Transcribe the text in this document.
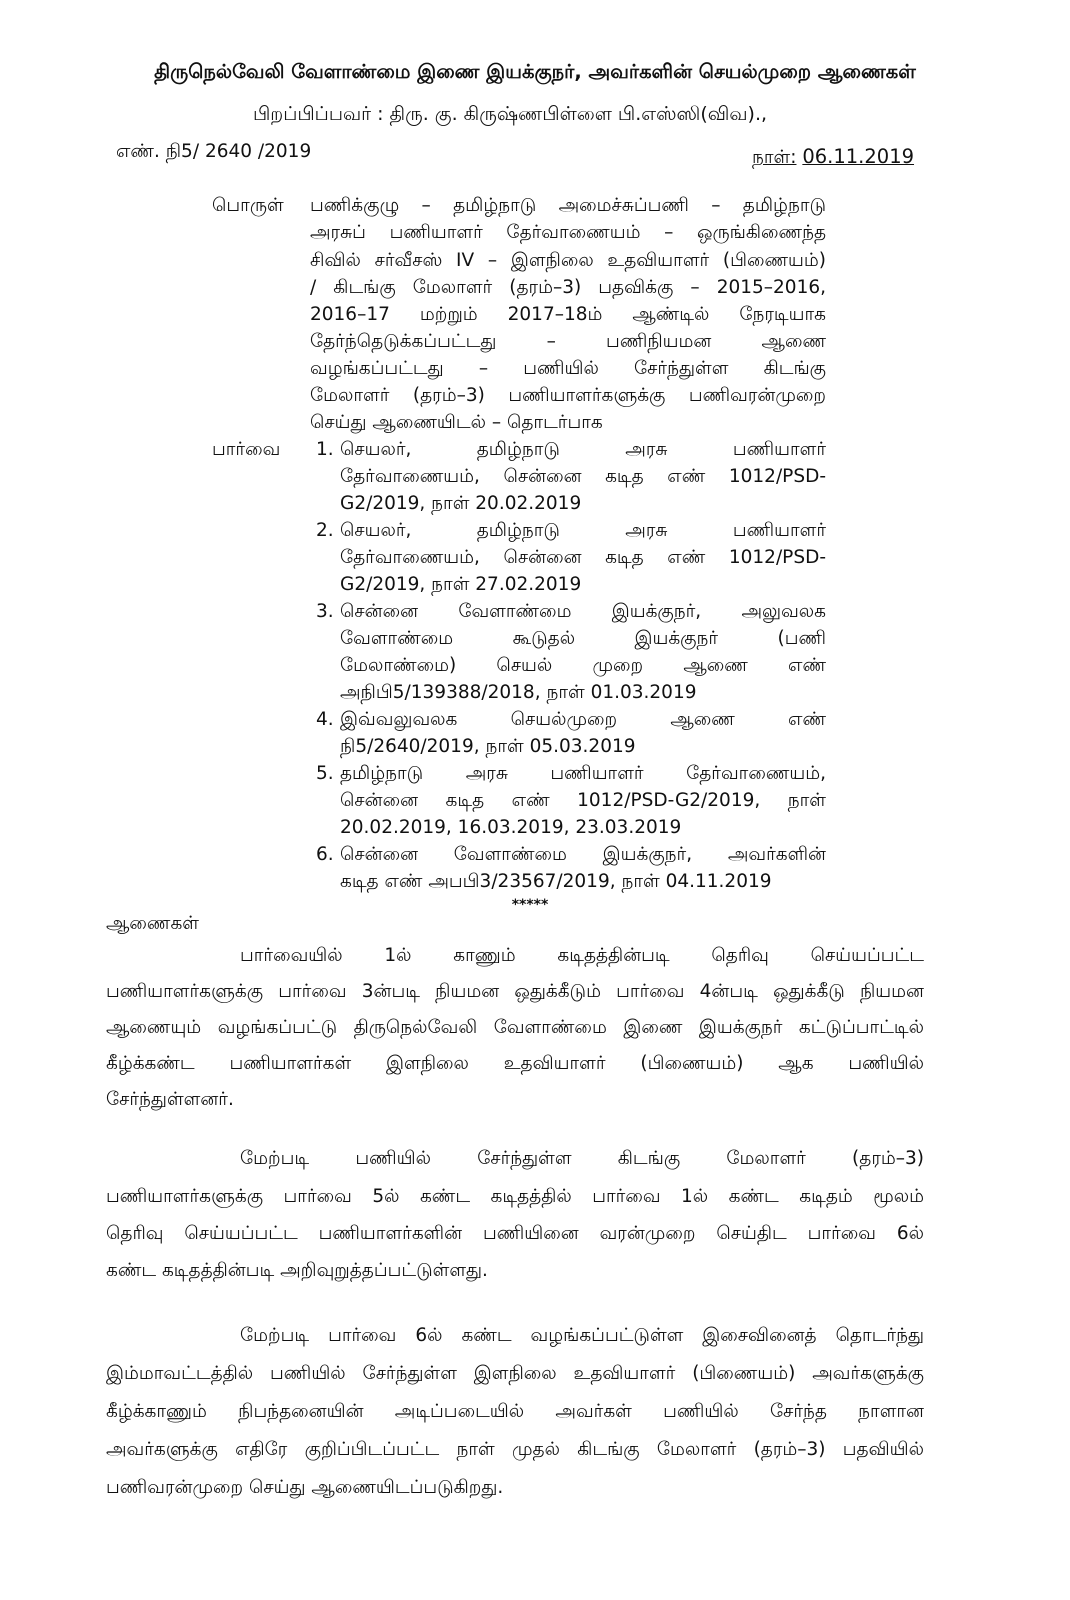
திருநெல்வேலி வேளாண்மை இணை இயக்குநர், அவர்களின் செயல்முறை ஆணைகள்
பிறப்பிப்பவர் : திரு. கு. கிருஷ்ணபிள்ளை பி.எஸ்ஸி(விவ).,
எண். நி5/ 2640 /2019	நாள்: 06.11.2019
பொருள் பணிக்குழு – தமிழ்நாடு அமைச்சுப்பணி – தமிழ்நாடு
அரசுப் பணியாளர் தேர்வாணையம் – ஒருங்கிணைந்த
சிவில் சர்வீசஸ் IV – இளநிலை உதவியாளர் (பிணையம்)
/ கிடங்கு மேலாளர் (தரம்–3) பதவிக்கு – 2015–2016,
2016–17 மற்றும் 2017–18ம் ஆண்டில் நேரடியாக
தேர்ந்தெடுக்கப்பட்டது – பணிநியமன ஆணை
வழங்கப்பட்டது – பணியில் சேர்ந்துள்ள கிடங்கு
மேலாளர் (தரம்–3) பணியாளர்களுக்கு பணிவரன்முறை
செய்து ஆணையிடல் – தொடர்பாக
பார்வை 1. செயலர், தமிழ்நாடு அரசு பணியாளர்
தேர்வாணையம், சென்னை கடித எண் 1012/PSD-
G2/2019, நாள் 20.02.2019
2. செயலர், தமிழ்நாடு அரசு பணியாளர்
தேர்வாணையம், சென்னை கடித எண் 1012/PSD-
G2/2019, நாள் 27.02.2019
3. சென்னை வேளாண்மை இயக்குநர், அலுவலக
வேளாண்மை கூடுதல் இயக்குநர் (பணி
மேலாண்மை) செயல் முறை ஆணை எண்
அநிபி5/139388/2018, நாள் 01.03.2019
4. இவ்வலுவலக செயல்முறை ஆணை எண்
நி5/2640/2019, நாள் 05.03.2019
5. தமிழ்நாடு அரசு பணியாளர் தேர்வாணையம்,
சென்னை கடித எண் 1012/PSD-G2/2019, நாள்
20.02.2019, 16.03.2019, 23.03.2019
6. சென்னை வேளாண்மை இயக்குநர், அவர்களின்
கடித எண் அபபி3/23567/2019, நாள் 04.11.2019
*****
ஆணைகள்
பார்வையில் 1ல் காணும் கடிதத்தின்படி தெரிவு செய்யப்பட்ட
பணியாளர்களுக்கு பார்வை 3ன்படி நியமன ஒதுக்கீடும் பார்வை 4ன்படி ஒதுக்கீடு நியமன
ஆணையும் வழங்கப்பட்டு திருநெல்வேலி வேளாண்மை இணை இயக்குநர் கட்டுப்பாட்டில்
கீழ்க்கண்ட பணியாளர்கள் இளநிலை உதவியாளர் (பிணையம்) ஆக பணியில்
சேர்ந்துள்ளனர்.
மேற்படி பணியில் சேர்ந்துள்ள கிடங்கு மேலாளர் (தரம்–3)
பணியாளர்களுக்கு பார்வை 5ல் கண்ட கடிதத்தில் பார்வை 1ல் கண்ட கடிதம் மூலம்
தெரிவு செய்யப்பட்ட பணியாளர்களின் பணியினை வரன்முறை செய்திட பார்வை 6ல்
கண்ட கடிதத்தின்படி அறிவுறுத்தப்பட்டுள்ளது.
மேற்படி பார்வை 6ல் கண்ட வழங்கப்பட்டுள்ள இசைவினைத் தொடர்ந்து
இம்மாவட்டத்தில் பணியில் சேர்ந்துள்ள இளநிலை உதவியாளர் (பிணையம்) அவர்களுக்கு
கீழ்க்காணும் நிபந்தனையின் அடிப்படையில் அவர்கள் பணியில் சேர்ந்த நாளான
அவர்களுக்கு எதிரே குறிப்பிடப்பட்ட நாள் முதல் கிடங்கு மேலாளர் (தரம்–3) பதவியில்
பணிவரன்முறை செய்து ஆணையிடப்படுகிறது.
